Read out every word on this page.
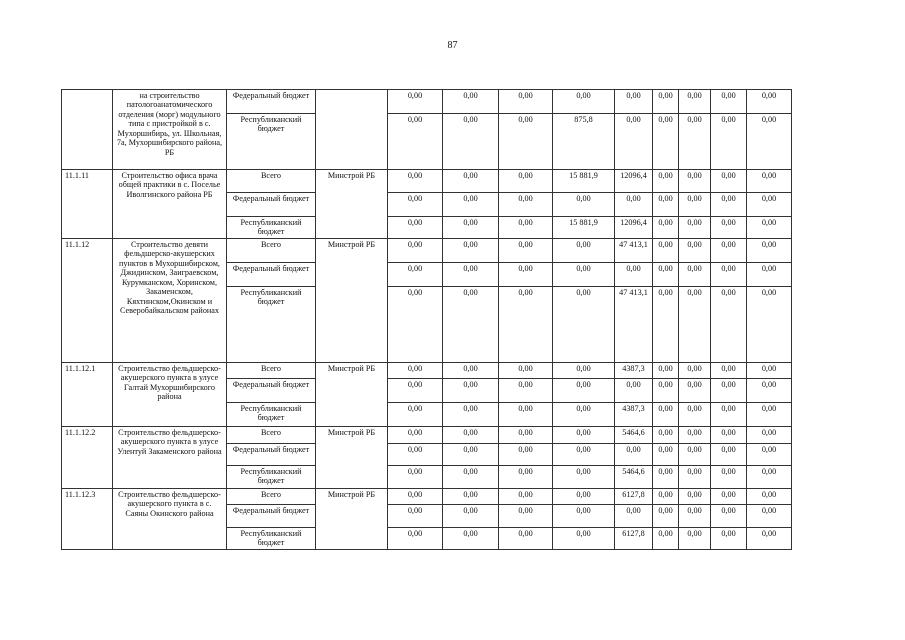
87
	на строительство патологоанатомического отделения (морг) модульного типа с пристройкой в с. Мухоршибирь, ул. Школьная, 7а, Мухоршибирского района, РБ	Федеральный бюджет		0,00	0,00	0,00	0,00	0,00	0,00	0,00	0,00	0,00
		Республиканский бюджет		0,00	0,00	0,00	875,8	0,00	0,00	0,00	0,00	0,00
11.1.11	Строительство офиса врача общей практики в с. Поселье Иволгинского района РБ	Всего	Минстрой РБ	0,00	0,00	0,00	15 881,9	12096,4	0,00	0,00	0,00	0,00
		Федеральный бюджет		0,00	0,00	0,00	0,00	0,00	0,00	0,00	0,00	0,00
		Республиканский бюджет		0,00	0,00	0,00	15 881,9	12096,4	0,00	0,00	0,00	0,00
11.1.12	Строительство девяти фельдшерско-акушерских пунктов в Мухоршибирском, Джидинском, Заиграевском, Курумканском, Хоринском, Закаменском, Кяхтинском,Окинском и Северобайкальском районах	Всего	Минстрой РБ	0,00	0,00	0,00	0,00	47 413,1	0,00	0,00	0,00	0,00
		Федеральный бюджет		0,00	0,00	0,00	0,00	0,00	0,00	0,00	0,00	0,00
		Республиканский бюджет		0,00	0,00	0,00	0,00	47 413,1	0,00	0,00	0,00	0,00
11.1.12.1	Строительство фельдшерско-акушерского пункта в улусе Галтай Мухоршибирского района	Всего	Минстрой РБ	0,00	0,00	0,00	0,00	4387,3	0,00	0,00	0,00	0,00
		Федеральный бюджет		0,00	0,00	0,00	0,00	0,00	0,00	0,00	0,00	0,00
		Республиканский бюджет		0,00	0,00	0,00	0,00	4387,3	0,00	0,00	0,00	0,00
11.1.12.2	Строительство фельдшерско-акушерского пункта в улусе Улентуй Закаменского района	Всего	Минстрой РБ	0,00	0,00	0,00	0,00	5464,6	0,00	0,00	0,00	0,00
		Федеральный бюджет		0,00	0,00	0,00	0,00	0,00	0,00	0,00	0,00	0,00
		Республиканский бюджет		0,00	0,00	0,00	0,00	5464,6	0,00	0,00	0,00	0,00
11.1.12.3	Строительство фельдшерско-акушерского пункта в с. Саяны Окинского района	Всего	Минстрой РБ	0,00	0,00	0,00	0,00	6127,8	0,00	0,00	0,00	0,00
		Федеральный бюджет		0,00	0,00	0,00	0,00	0,00	0,00	0,00	0,00	0,00
		Республиканский бюджет		0,00	0,00	0,00	0,00	6127,8	0,00	0,00	0,00	0,00
